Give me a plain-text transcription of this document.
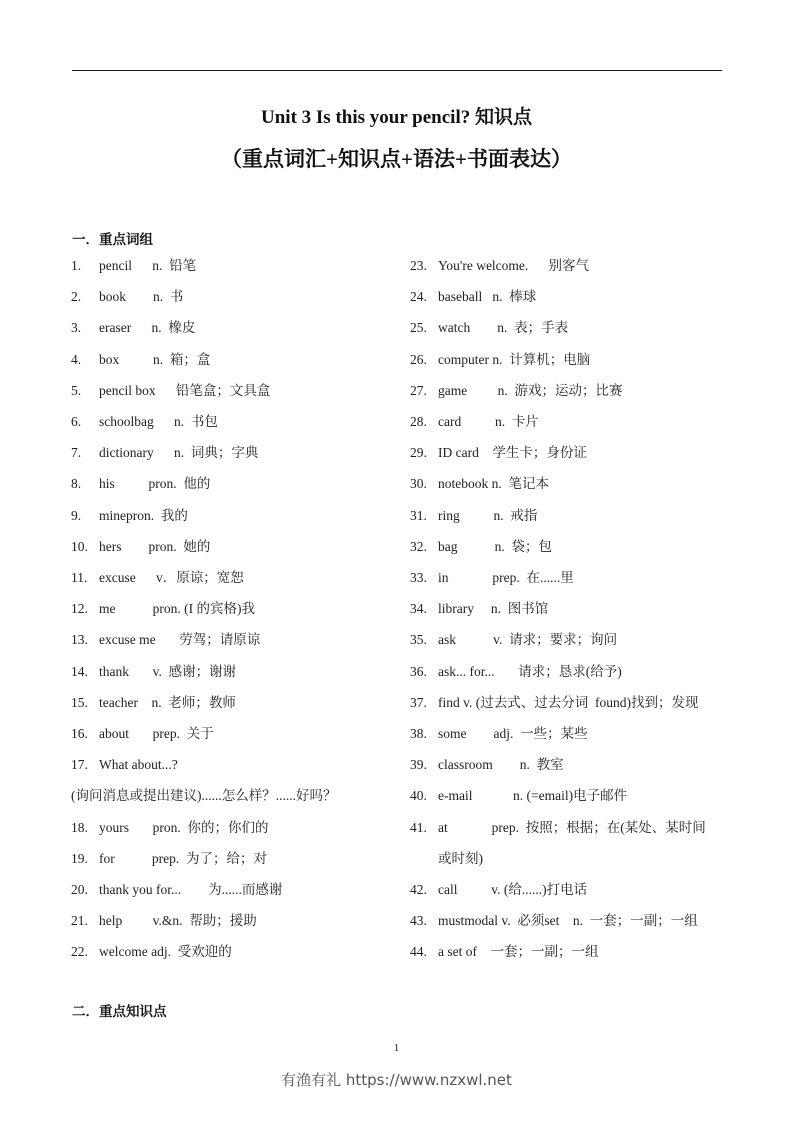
Unit 3 Is this your pencil? 知识点
（重点词汇+知识点+语法+书面表达）
一．重点词组
1. pencil      n.  铅笔
2. book        n.  书
3. eraser      n.  橡皮
4. box          n.  箱；盒
5. pencil box      铅笔盒；文具盒
6. schoolbag      n.  书包
7. dictionary      n.  词典；字典
8. his          pron.  他的
9. minepron.  我的
10. hers        pron.  她的
11. excuse      v．原谅；宽恕
12. me           pron. (I 的宾格)我
13. excuse me       劳驾；请原谅
14. thank       v.  感谢；谢谢
15. teacher    n.  老师；教师
16. about       prep.  关于
17. What about...?
(询问消息或提出建议)......怎么样？......好吗？
18. yours       pron.  你的；你们的
19. for           prep.  为了；给；对
20. thank you for...        为......而感谢
21. help         v.&n.  帮助；援助
22. welcome adj.  受欢迎的
23. You're welcome.      别客气
24. baseball   n.  棒球
25. watch        n.  表；手表
26. computer n.  计算机；电脑
27. game         n.  游戏；运动；比赛
28. card          n.  卡片
29. ID card    学生卡；身份证
30. notebook n.  笔记本
31. ring          n.  戒指
32. bag           n.  袋；包
33. in             prep.  在......里
34. library     n.  图书馆
35. ask           v.  请求；要求；询问
36. ask... for...       请求；恳求(给予)
37. find v. (过去式、过去分词  found)找到；发现
38. some        adj.  一些；某些
39. classroom        n.  教室
40. e-mail            n. (=email)电子邮件
41. at             prep.  按照；根据；在(某处、某时间
或时刻)
42. call          v. (给......)打电话
43. mustmodal v.  必须set    n.  一套；一副；一组
44. a set of    一套；一副；一组
二．重点知识点
1
有渔有礼 https://www.nzxwl.net
